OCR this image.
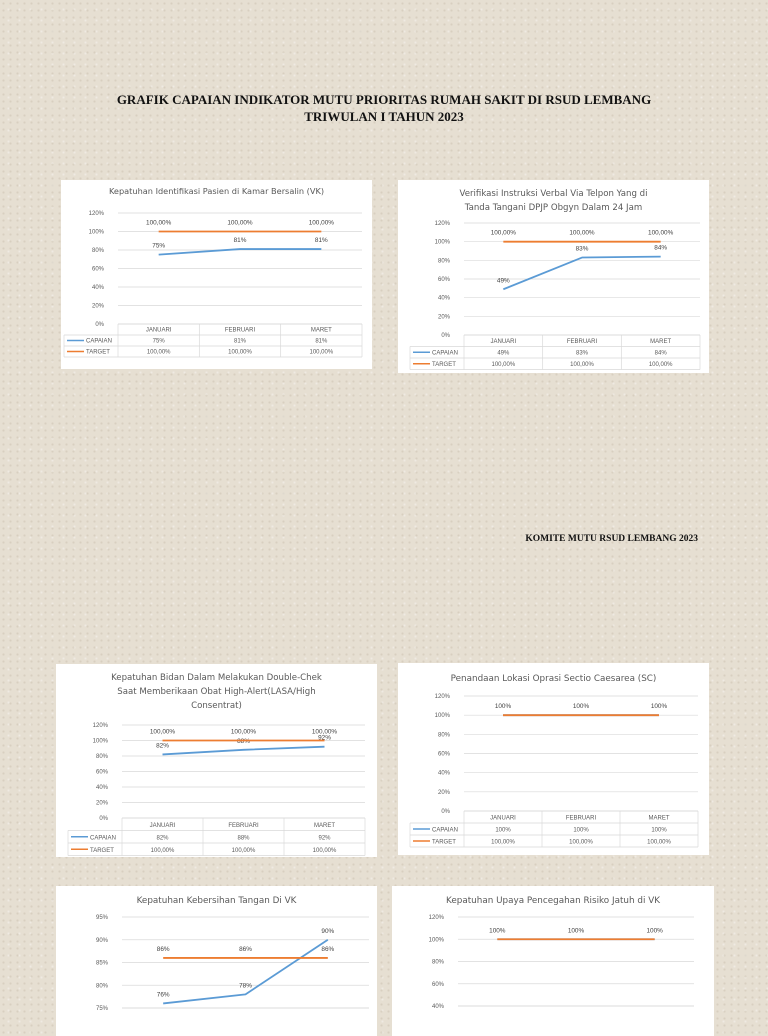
GRAFIK CAPAIAN INDIKATOR MUTU PRIORITAS RUMAH SAKIT DI RSUD LEMBANG
TRIWULAN I TAHUN 2023
KOMITE MUTU RSUD LEMBANG 2023
Kepatuhan Identifikasi Pasien di Kamar Bersalin (VK)
120%
100%
80%
60%
40%
20%
0%
75%
81%	81%
100,00%	100,00%	100,00%
JANUARI	FEBRUARI	MARET
CAPAIAN	75%	81%	81%
TARGET	100,00%	100,00%	100,00%
Verifikasi Instruksi Verbal Via Telpon Yang di
Tanda Tangani DPJP Obgyn Dalam 24 Jam
120%
100%
80%
60%
40%
20%
0%
49%
83%	84%
100,00%	100,00%	100,00%
JANUARI	FEBRUARI	MARET
CAPAIAN	49%	83%	84%
TARGET	100,00%	100,00%	100,00%
Kepatuhan Bidan Dalam Melakukan Double-Chek
Saat Memberikaan Obat High-Alert(LASA/High
Consentrat)
120%
100%
80%
60%
40%
20%
0%
82%
88%	92%
100,00%	100,00%	100,00%
JANUARI	FEBRUARI	MARET
CAPAIAN	82%	88%	92%
TARGET	100,00%	100,00%	100,00%
Penandaan Lokasi Oprasi Sectio Caesarea (SC)
120%
100%
80%
60%
40%
20%
0%
100%	100%	100%
JANUARI	FEBRUARI	MARET
CAPAIAN	100%	100%	100%
TARGET	100,00%	100,00%	100,00%
Kepatuhan Kebersihan Tangan Di VK
95%
90%
85%
80%
75%
76%
78%
90%
86%	86%	86%
Kepatuhan Upaya Pencegahan Risiko Jatuh di VK
120%
100%
80%
60%
40%
100%	100%	100%
